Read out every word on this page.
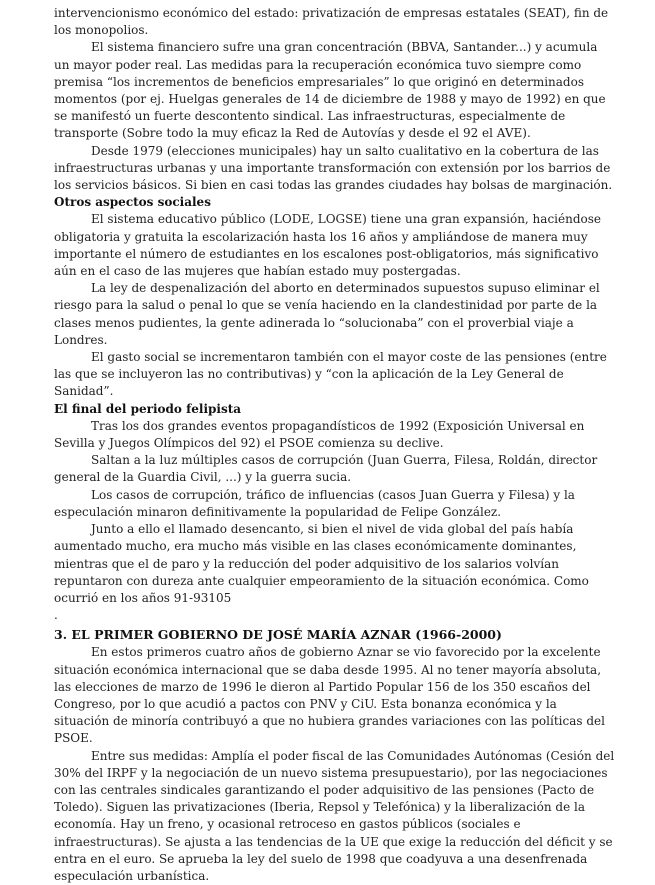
intervencionismo económico del estado: privatización de empresas estatales (SEAT), fin de los monopolios.

El sistema financiero sufre una gran concentración (BBVA, Santander...) y acumula un mayor poder real. Las medidas para la recuperación económica tuvo siempre como premisa “los incrementos de beneficios empresariales” lo que originó en determinados momentos (por ej. Huelgas generales de 14 de diciembre de 1988 y mayo de 1992) en que se manifestó un fuerte descontento sindical. Las infraestructuras, especialmente de transporte (Sobre todo la muy eficaz la Red de Autovías y desde el 92 el AVE).

Desde 1979 (elecciones municipales) hay un salto cualitativo en la cobertura de las infraestructuras urbanas y una importante transformación con extensión por los barrios de los servicios básicos. Si bien en casi todas las grandes ciudades hay bolsas de marginación.

Otros aspectos sociales

El sistema educativo público (LODE, LOGSE) tiene una gran expansión, haciéndose obligatoria y gratuita la escolarización hasta los 16 años y ampliándose de manera muy importante el número de estudiantes en los escalones post-obligatorios, más significativo aún en el caso de las mujeres que habían estado muy postergadas.

La ley de despenalización del aborto en determinados supuestos supuso eliminar el riesgo para la salud o penal lo que se venía haciendo en la clandestinidad por parte de la clases menos pudientes, la gente adinerada lo “solucionaba” con el proverbial viaje a Londres.

El gasto social se incrementaron también con el mayor coste de las pensiones (entre las que se incluyeron las no contributivas) y “con la aplicación de la Ley General de Sanidad”.

El final del periodo felipista

Tras los dos grandes eventos propagandísticos de 1992 (Exposición Universal en Sevilla y Juegos Olímpicos del 92) el PSOE comienza su declive.

Saltan a la luz múltiples casos de corrupción (Juan Guerra, Filesa, Roldán, director general de la Guardia Civil, ...) y la guerra sucia.

Los casos de corrupción, tráfico de influencias (casos Juan Guerra y Filesa) y la especulación minaron definitivamente la popularidad de Felipe González.

Junto a ello el llamado desencanto, si bien el nivel de vida global del país había aumentado mucho, era mucho más visible en las clases económicamente dominantes, mientras que el de paro y la reducción del poder adquisitivo de los salarios volvían repuntaron con dureza ante cualquier empeoramiento de la situación económica. Como ocurrió en los años 91-93105

.

3. EL PRIMER GOBIERNO DE JOSÉ MARÍA AZNAR (1966-2000)

En estos primeros cuatro años de gobierno Aznar se vio favorecido por la excelente situación económica internacional que se daba desde 1995. Al no tener mayoría absoluta, las elecciones de marzo de 1996 le dieron al Partido Popular 156 de los 350 escaños del Congreso, por lo que acudió a pactos con PNV y CiU. Esta bonanza económica y la situación de minoría contribuyó a que no hubiera grandes variaciones con las políticas del PSOE.

Entre sus medidas: Amplía el poder fiscal de las Comunidades Autónomas (Cesión del 30% del IRPF y la negociación de un nuevo sistema presupuestario), por las negociaciones con las centrales sindicales garantizando el poder adquisitivo de las pensiones (Pacto de Toledo). Siguen las privatizaciones (Iberia, Repsol y Telefónica) y la liberalización de la economía. Hay un freno, y ocasional retroceso en gastos públicos (sociales e infraestructuras). Se ajusta a las tendencias de la UE que exige la reducción del déficit y se entra en el euro. Se aprueba la ley del suelo de 1998 que coadyuva a una desenfrenada especulación urbanística.
